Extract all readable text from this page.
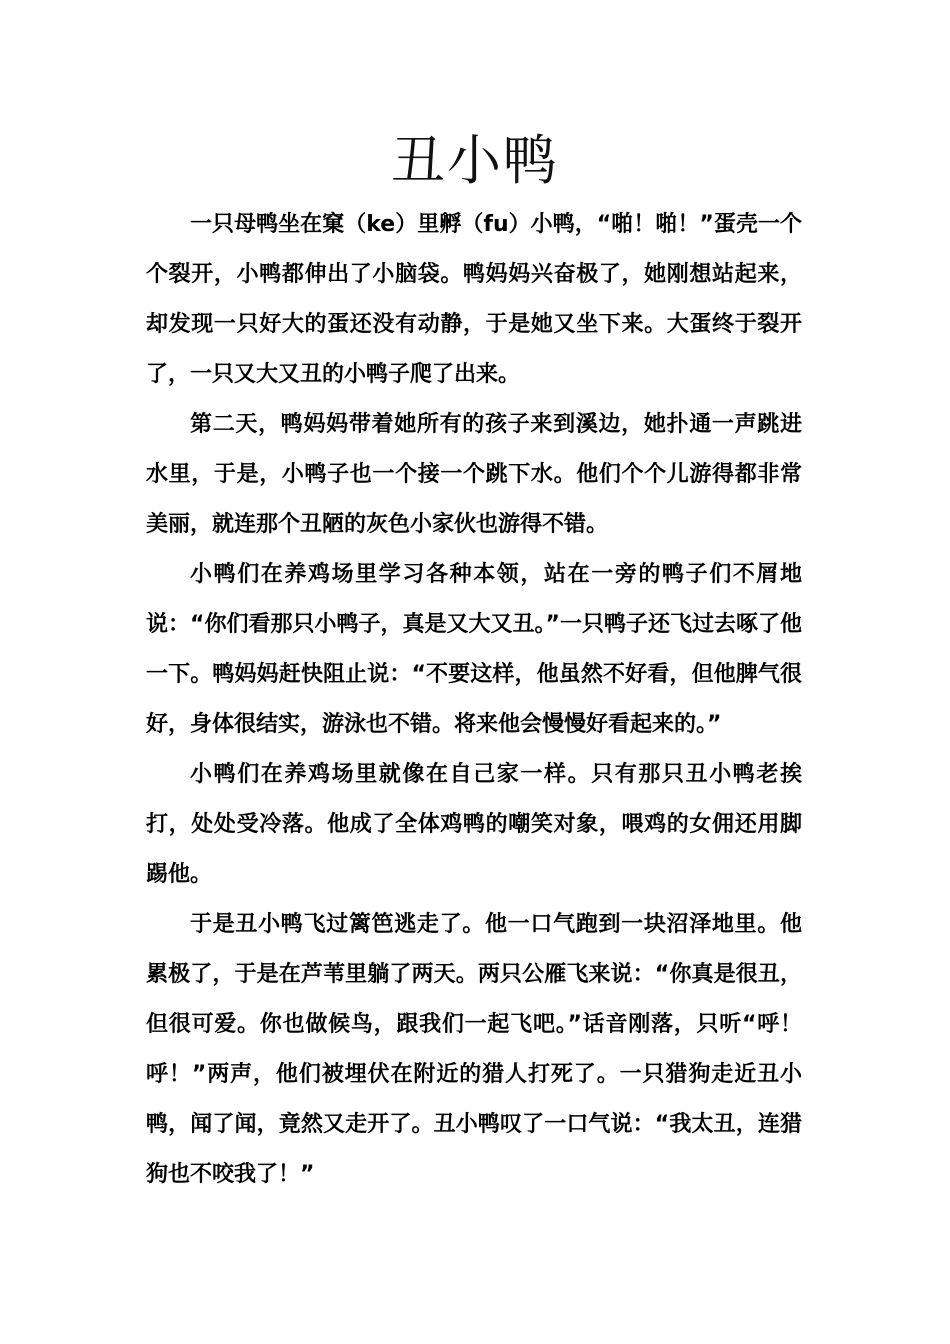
丑小鸭

一只母鸭坐在窠（ke）里孵（fu）小鸭，“啪！啪！”蛋壳一个个裂开，小鸭都伸出了小脑袋。鸭妈妈兴奋极了，她刚想站起来，却发现一只好大的蛋还没有动静，于是她又坐下来。大蛋终于裂开了，一只又大又丑的小鸭子爬了出来。

第二天，鸭妈妈带着她所有的孩子来到溪边，她扑通一声跳进水里，于是，小鸭子也一个接一个跳下水。他们个个儿游得都非常美丽，就连那个丑陋的灰色小家伙也游得不错。

小鸭们在养鸡场里学习各种本领，站在一旁的鸭子们不屑地说：“你们看那只小鸭子，真是又大又丑。”一只鸭子还飞过去啄了他一下。鸭妈妈赶快阻止说：“不要这样，他虽然不好看，但他脾气很好，身体很结实，游泳也不错。将来他会慢慢好看起来的。”

小鸭们在养鸡场里就像在自己家一样。只有那只丑小鸭老挨打，处处受冷落。他成了全体鸡鸭的嘲笑对象，喂鸡的女佣还用脚踢他。

于是丑小鸭飞过篱笆逃走了。他一口气跑到一块沼泽地里。他累极了，于是在芦苇里躺了两天。两只公雁飞来说：“你真是很丑，但很可爱。你也做候鸟，跟我们一起飞吧。”话音刚落，只听“呼！呼！”两声，他们被埋伏在附近的猎人打死了。一只猎狗走近丑小鸭，闻了闻，竟然又走开了。丑小鸭叹了一口气说：“我太丑，连猎狗也不咬我了！”
